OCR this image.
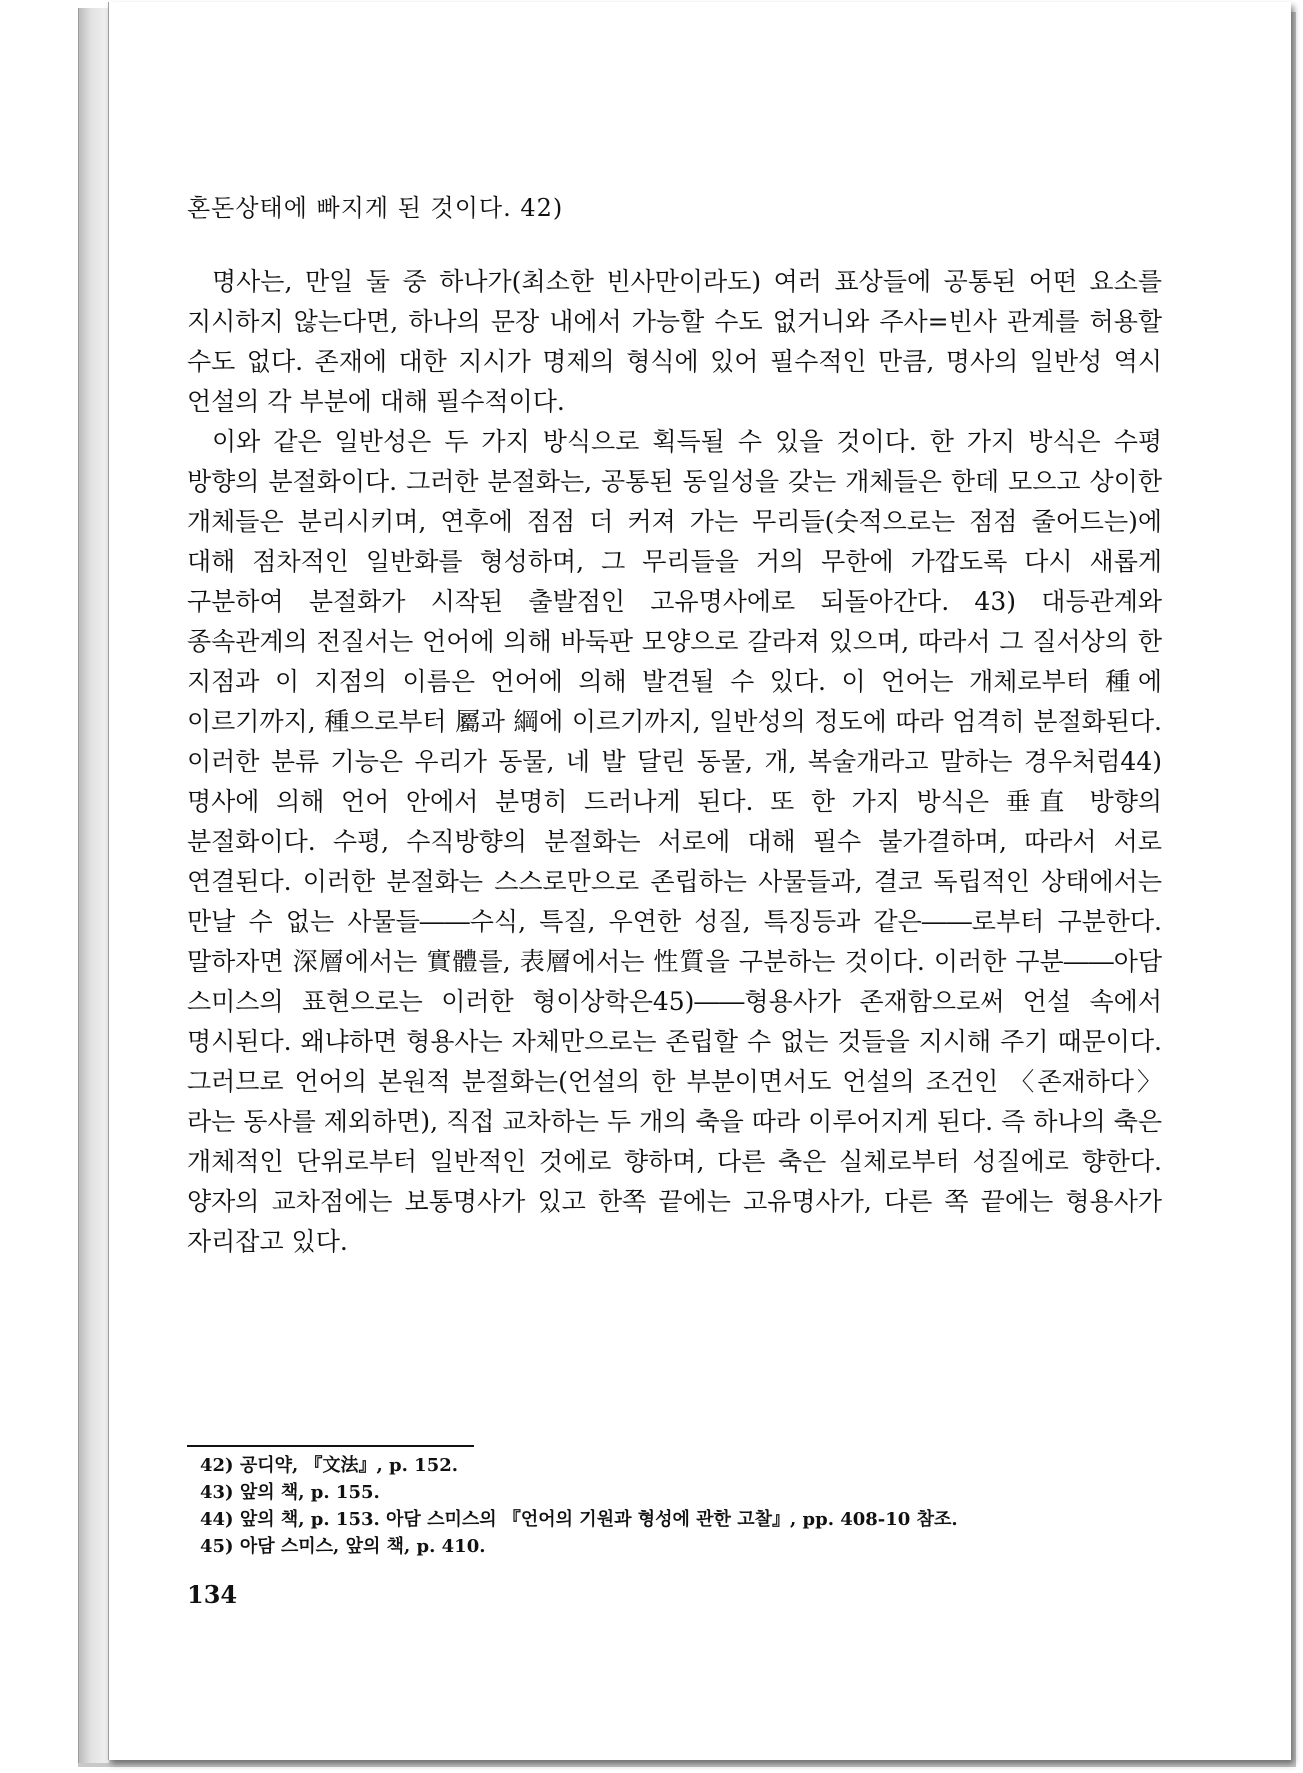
혼돈상태에 빠지게 된 것이다. 42)

명사는, 만일 둘 중 하나가(최소한 빈사만이라도) 여러 표상들에 공통된 어떤 요소를 지시하지 않는다면, 하나의 문장 내에서 가능할 수도 없거니와 주사=빈사 관계를 허용할 수도 없다. 존재에 대한 지시가 명제의 형식에 있어 필수적인 만큼, 명사의 일반성 역시 언설의 각 부분에 대해 필수적이다.

이와 같은 일반성은 두 가지 방식으로 획득될 수 있을 것이다. 한 가지 방식은 수평 방향의 분절화이다. 그러한 분절화는, 공통된 동일성을 갖는 개체들은 한데 모으고 상이한 개체들은 분리시키며, 연후에 점점 더 커져 가는 무리들(숫적으로는 점점 줄어드는)에 대해 점차적인 일반화를 형성하며, 그 무리들을 거의 무한에 가깝도록 다시 새롭게 구분하여 분절화가 시작된 출발점인 고유명사에로 되돌아간다. 43) 대등관계와 종속관계의 전질서는 언어에 의해 바둑판 모양으로 갈라져 있으며, 따라서 그 질서상의 한 지점과 이 지점의 이름은 언어에 의해 발견될 수 있다. 이 언어는 개체로부터 種에 이르기까지, 種으로부터 屬과 綱에 이르기까지, 일반성의 정도에 따라 엄격히 분절화된다. 이러한 분류 기능은 우리가 동물, 네 발 달린 동물, 개, 복술개라고 말하는 경우처럼44) 명사에 의해 언어 안에서 분명히 드러나게 된다. 또 한 가지 방식은 垂直 방향의 분절화이다. 수평, 수직방향의 분절화는 서로에 대해 필수 불가결하며, 따라서 서로 연결된다. 이러한 분절화는 스스로만으로 존립하는 사물들과, 결코 독립적인 상태에서는 만날 수 없는 사물들――수식, 특질, 우연한 성질, 특징등과 같은――로부터 구분한다. 말하자면 深層에서는 實體를, 表層에서는 性質을 구분하는 것이다. 이러한 구분――아담 스미스의 표현으로는 이러한 형이상학은45)――형용사가 존재함으로써 언설 속에서 명시된다. 왜냐하면 형용사는 자체만으로는 존립할 수 없는 것들을 지시해 주기 때문이다. 그러므로 언어의 본원적 분절화는(언설의 한 부분이면서도 언설의 조건인 〈존재하다〉라는 동사를 제외하면), 직접 교차하는 두 개의 축을 따라 이루어지게 된다. 즉 하나의 축은 개체적인 단위로부터 일반적인 것에로 향하며, 다른 축은 실체로부터 성질에로 향한다. 양자의 교차점에는 보통명사가 있고 한쪽 끝에는 고유명사가, 다른 쪽 끝에는 형용사가 자리잡고 있다.

42) 공디약, 『文法』, p. 152.
43) 앞의 책, p. 155.
44) 앞의 책, p. 153. 아담 스미스의 『언어의 기원과 형성에 관한 고찰』, pp. 408-10 참조.
45) 아담 스미스, 앞의 책, p. 410.
134
